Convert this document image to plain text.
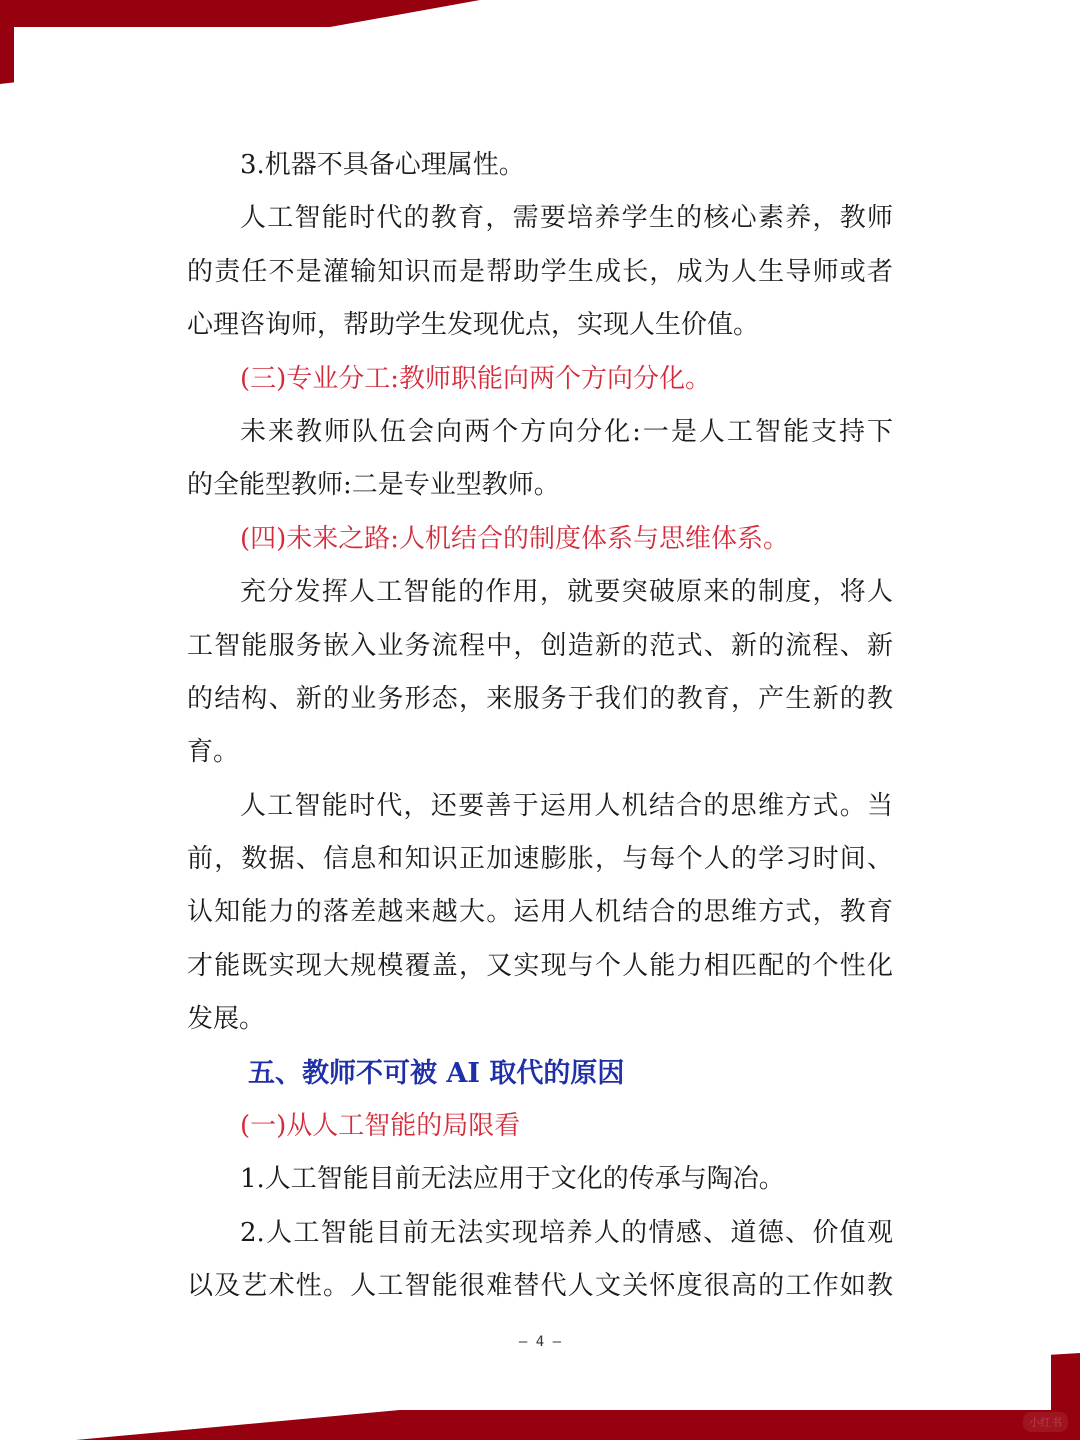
3.机器不具备心理属性。
人工智能时代的教育，需要培养学生的核心素养，教师
的责任不是灌输知识而是帮助学生成长，成为人生导师或者
心理咨询师，帮助学生发现优点，实现人生价值。
(三)专业分工:教师职能向两个方向分化。
未来教师队伍会向两个方向分化:一是人工智能支持下
的全能型教师:二是专业型教师。
(四)未来之路:人机结合的制度体系与思维体系。
充分发挥人工智能的作用，就要突破原来的制度，将人
工智能服务嵌入业务流程中，创造新的范式、新的流程、新
的结构、新的业务形态，来服务于我们的教育，产生新的教
育。
人工智能时代，还要善于运用人机结合的思维方式。当
前，数据、信息和知识正加速膨胀，与每个人的学习时间、
认知能力的落差越来越大。运用人机结合的思维方式，教育
才能既实现大规模覆盖，又实现与个人能力相匹配的个性化
发展。
五、教师不可被 AI 取代的原因
(一)从人工智能的局限看
1.人工智能目前无法应用于文化的传承与陶冶。
2.人工智能目前无法实现培养人的情感、道德、价值观
以及艺术性。人工智能很难替代人文关怀度很高的工作如教
— 4 —
小红书
